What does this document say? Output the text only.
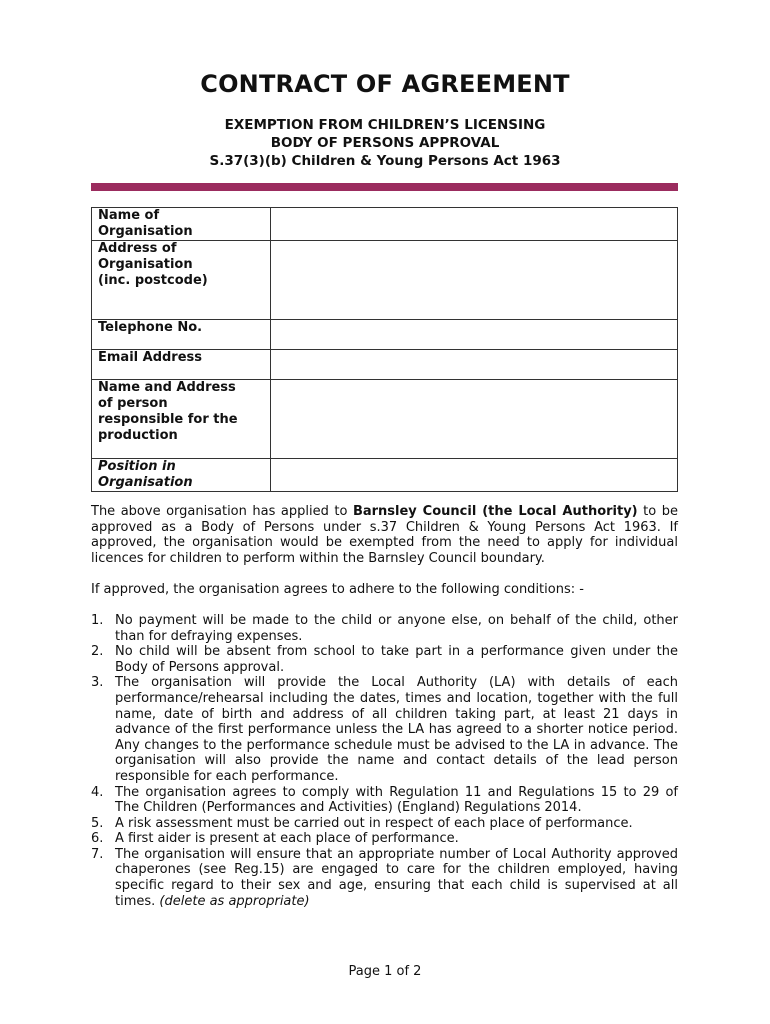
CONTRACT OF AGREEMENT
EXEMPTION FROM CHILDREN’S LICENSING
BODY OF PERSONS APPROVAL
S.37(3)(b) Children & Young Persons Act 1963
Name of
Organisation	

Address of
Organisation
(inc. postcode)	

Telephone No.	

Email Address	

Name and Address
of person
responsible for the
production	

Position in
Organisation	

The above organisation has applied to Barnsley Council (the Local Authority) to be approved as a Body of Persons under s.37 Children & Young Persons Act 1963. If approved, the organisation would be exempted from the need to apply for individual licences for children to perform within the Barnsley Council boundary.

If approved, the organisation agrees to adhere to the following conditions: -

1. No payment will be made to the child or anyone else, on behalf of the child, other than for defraying expenses.
2. No child will be absent from school to take part in a performance given under the Body of Persons approval.
3. The organisation will provide the Local Authority (LA) with details of each performance/rehearsal including the dates, times and location, together with the full name, date of birth and address of all children taking part, at least 21 days in advance of the first performance unless the LA has agreed to a shorter notice period. Any changes to the performance schedule must be advised to the LA in advance. The organisation will also provide the name and contact details of the lead person responsible for each performance.
4. The organisation agrees to comply with Regulation 11 and Regulations 15 to 29 of The Children (Performances and Activities) (England) Regulations 2014.
5. A risk assessment must be carried out in respect of each place of performance.
6. A first aider is present at each place of performance.
7. The organisation will ensure that an appropriate number of Local Authority approved chaperones (see Reg.15) are engaged to care for the children employed, having specific regard to their sex and age, ensuring that each child is supervised at all times. (delete as appropriate)
Page 1 of 2
